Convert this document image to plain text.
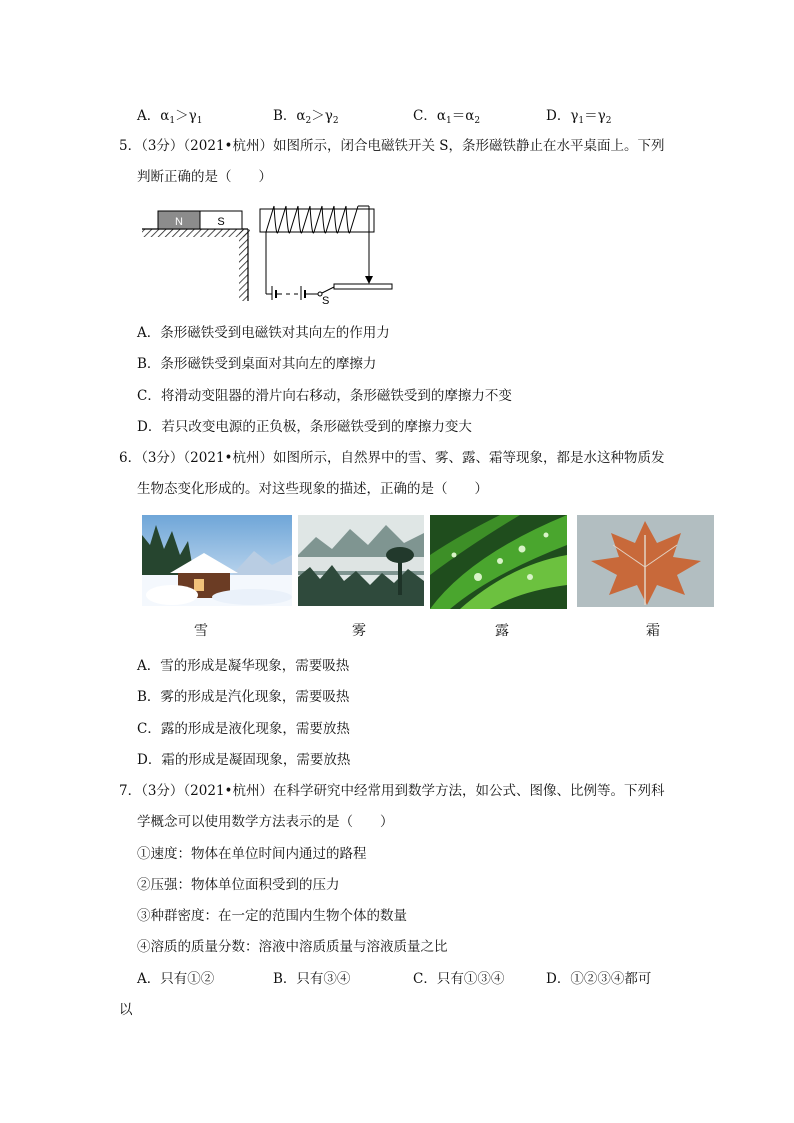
A．$\alpha_1>\gamma_1$	B．$\alpha_2>\gamma_2$	C．$\alpha_1=\alpha_2$	D．$\gamma_1=\gamma_2$
5．（3分）（2021•杭州）如图所示，闭合电磁铁开关 S，条形磁铁静止在水平桌面上。下列
判断正确的是（　　）
N	S
S
A．条形磁铁受到电磁铁对其向左的作用力
B．条形磁铁受到桌面对其向左的摩擦力
C．将滑动变阻器的滑片向右移动，条形磁铁受到的摩擦力不变
D．若只改变电源的正负极，条形磁铁受到的摩擦力变大
6．（3分）（2021•杭州）如图所示，自然界中的雪、雾、露、霜等现象，都是水这种物质发
生物态变化形成的。对这些现象的描述，正确的是（　　）
雪	雾	露	霜
A．雪的形成是凝华现象，需要吸热
B．雾的形成是汽化现象，需要吸热
C．露的形成是液化现象，需要放热
D．霜的形成是凝固现象，需要放热
7．（3分）（2021•杭州）在科学研究中经常用到数学方法，如公式、图像、比例等。下列科
学概念可以使用数学方法表示的是（　　）
①速度：物体在单位时间内通过的路程
②压强：物体单位面积受到的压力
③种群密度：在一定的范围内生物个体的数量
④溶质的质量分数：溶液中溶质质量与溶液质量之比
A．只有①②	B．只有③④	C．只有①③④	D．①②③④都可
以
